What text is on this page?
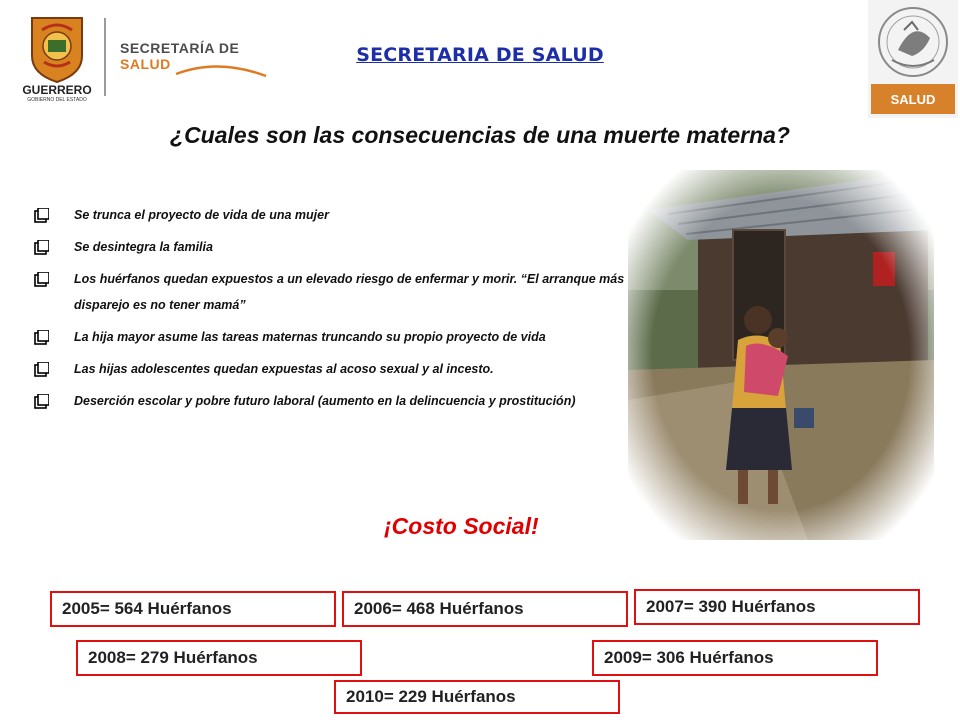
GUERRERO
GOBIERNO DEL ESTADO
SECRETARÍA DE
SALUD	SECRETARIA DE SALUD
SALUD
¿Cuales son las consecuencias de una muerte materna?
Se trunca el proyecto de vida de una mujer
Se desintegra la familia
Los huérfanos quedan expuestos a un elevado riesgo de enfermar y morir. “El arranque más disparejo es no tener mamá”
La hija mayor asume las tareas maternas truncando su propio proyecto de vida
Las hijas adolescentes quedan expuestas al acoso sexual y al incesto.
Deserción escolar y pobre futuro laboral (aumento en la delincuencia y prostitución)
¡Costo Social!
2005= 564 Huérfanos	2006= 468 Huérfanos	2007= 390 Huérfanos
2008= 279 Huérfanos	2009= 306 Huérfanos
2010= 229 Huérfanos
